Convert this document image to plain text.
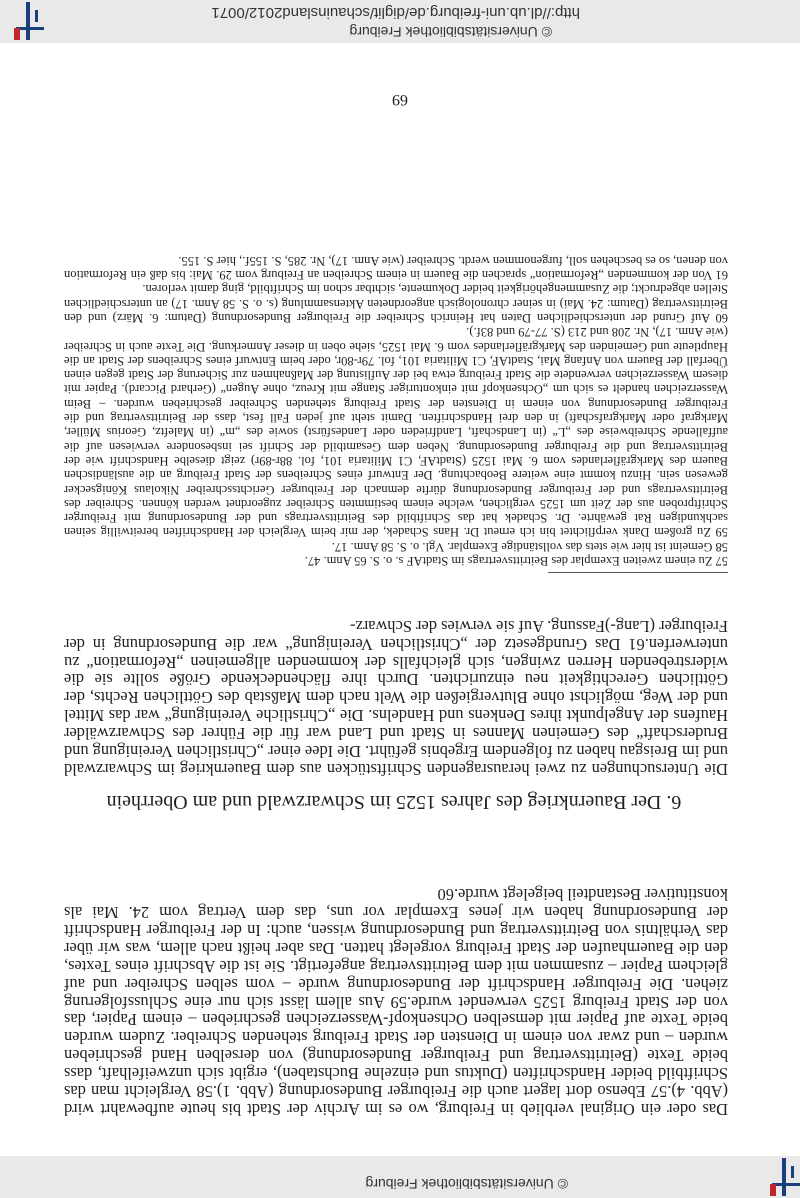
© Universitätsbibliothek Freiburg

Das oder ein Original verblieb in Freiburg, wo es im Archiv der Stadt bis heute aufbewahrt wird (Abb. 4).57 Ebenso dort lagert auch die Freiburger Bundesordnung (Abb. 1).58 Vergleicht man das Schriftbild beider Handschriften (Duktus und einzelne Buchstaben), ergibt sich unzweifelhaft, dass beide Texte (Beitrittsvertrag und Freiburger Bundesordnung) von derselben Hand geschrieben wurden – und zwar von einem in Diensten der Stadt Freiburg stehenden Schreiber. Zudem wurden beide Texte auf Papier mit demselben Ochsenkopf-Wasserzeichen geschrieben – einem Papier, das von der Stadt Freiburg 1525 verwendet wurde.59 Aus allem lässt sich nur eine Schlussfolgerung ziehen. Die Freiburger Handschrift der Bundesordnung wurde – vom selben Schreiber und auf gleichem Papier – zusammen mit dem Beitrittsvertrag angefertigt. Sie ist die Abschrift eines Textes, den die Bauernhaufen der Stadt Freiburg vorgelegt hatten. Das aber heißt nach allem, was wir über das Verhältnis von Beitrittsvertrag und Bundesordnung wissen, auch: In der Freiburger Handschrift der Bundesordnung haben wir jenes Exemplar vor uns, das dem Vertrag vom 24. Mai als konstitutiver Bestandteil beigelegt wurde.60

6. Der Bauernkrieg des Jahres 1525 im Schwarzwald und am Oberrhein

Die Untersuchungen zu zwei herausragenden Schriftstücken aus dem Bauernkrieg im Schwarzwald und im Breisgau haben zu folgendem Ergebnis geführt. Die Idee einer „Christlichen Vereinigung und Bruderschaft“ des Gemeinen Mannes in Stadt und Land war für die Führer des Schwarzwälder Haufens der Angelpunkt ihres Denkens und Handelns. Die „Christliche Vereinigung“ war das Mittel und der Weg, möglichst ohne Blutvergießen die Welt nach dem Maßstab des Göttlichen Rechts, der Göttlichen Gerechtigkeit neu einzurichten. Durch ihre flächendeckende Größe sollte sie die widerstrebenden Herren zwingen, sich gleichfalls der kommenden allgemeinen „Reformation“ zu unterwerfen.61 Das Grundgesetz der „Christlichen Vereinigung“ war die Bundesordnung in der Freiburger (Lang-)Fassung. Auf sie verwies der Schwarz-

57 Zu einem zweiten Exemplar des Beitrittsvertrags im StadtAF s. o. S. 65 Anm. 47.
58 Gemeint ist hier wie stets das vollständige Exemplar. Vgl. o. S. 58 Anm. 17.
59 Zu großem Dank verpflichtet bin ich erneut Dr. Hans Schadek, der mir beim Vergleich der Handschriften bereitwillig seinen sachkundigen Rat gewährte. Dr. Schadek hat das Schriftbild des Beitrittsvertrags und der Bundesordnung mit Freiburger Schriftproben aus der Zeit um 1525 verglichen, welche einem bestimmten Schreiber zugeordnet werden können. Schreiber des Beitrittsvertrags und der Freiburger Bundesordnung dürfte demnach der Freiburger Gerichtsschreiber Nikolaus Königsecker gewesen sein. Hinzu kommt eine weitere Beobachtung. Der Entwurf eines Schreibens der Stadt Freiburg an die ausländischen Bauern des Markgräflerlandes vom 6. Mai 1525 (StadtAF, C1 Militaria 101, fol. 88r-89r) zeigt dieselbe Handschrift wie der Beitrittsvertrag und die Freiburger Bundesordnung. Neben dem Gesamtbild der Schrift sei insbesondere verwiesen auf die auffallende Schreibweise des „L“ (in Landschaft, Landfrieden oder Landesfürst) sowie des „m“ (in Maleftz, Georius Müller, Markgraf oder Markgrafschaft) in den drei Handschriften. Damit steht auf jeden Fall fest, dass der Beitrittsvertrag und die Freiburger Bundesordnung von einem in Diensten der Stadt Freiburg stehenden Schreiber geschrieben wurden. – Beim Wasserzeichen handelt es sich um „Ochsenkopf mit einkonturiger Stange mit Kreuz, ohne Augen“ (Gerhard Piccard). Papier mit diesem Wasserzeichen verwendete die Stadt Freiburg etwa bei der Auflistung der Maßnahmen zur Sicherung der Stadt gegen einen Überfall der Bauern von Anfang Mai, StadtAF, C1 Militaria 101, fol. 79r-80r, oder beim Entwurf eines Schreibens der Stadt an die Hauptleute und Gemeinden des Markgräflerlandes vom 6. Mai 1525, siehe oben in dieser Anmerkung. Die Texte auch in Schreiber (wie Anm. 17), Nr. 208 und 213 (S. 77-79 und 83f.).
60 Auf Grund der unterschiedlichen Daten hat Heinrich Schreiber die Freiburger Bundesordnung (Datum: 6. März) und den Beitrittsvertrag (Datum: 24. Mai) in seiner chronologisch angeordneten Aktensammlung (s. o. S. 58 Anm. 17) an unterschiedlichen Stellen abgedruckt; die Zusammengehörigkeit beider Dokumente, sichtbar schon im Schriftbild, ging damit verloren.
61 Von der kommenden „Reformation“ sprachen die Bauern in einem Schreiben an Freiburg vom 29. Mai: bis daß ein Reformation von denen, so es beschehen soll, furgenommen werdt. Schreiber (wie Anm. 17), Nr. 285, S. 155f., hier S. 155.
69
http://dl.ub.uni-freiburg.de/diglit/schauinsland2012/0071
© Universitätsbibliothek Freiburg
